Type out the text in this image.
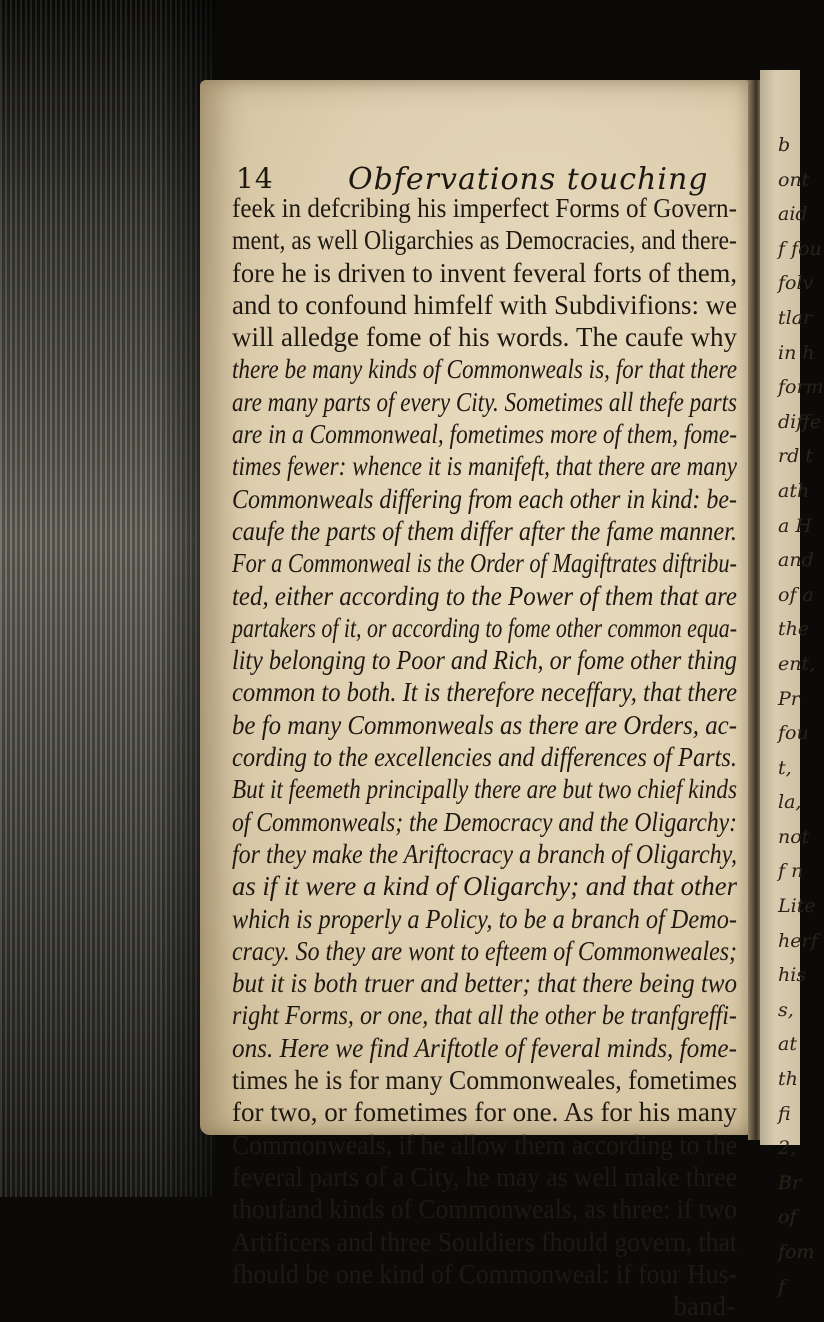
14 Obfervations touching
feek in defcribing his imperfect Forms of Govern-
ment, as well Oligarchies as Democracies, and there-
fore he is driven to invent feveral forts of them,
and to confound himfelf with Subdivifions: we
will alledge fome of his words. The caufe why
there be many kinds of Commonweals is, for that there
are many parts of every City. Sometimes all thefe parts
are in a Commonweal, fometimes more of them, fome-
times fewer: whence it is manifeft, that there are many
Commonweals differing from each other in kind: be-
caufe the parts of them differ after the fame manner.
For a Commonweal is the Order of Magiftrates diftribu-
ted, either according to the Power of them that are
partakers of it, or according to fome other common equa-
lity belonging to Poor and Rich, or fome other thing
common to both. It is therefore neceffary, that there
be fo many Commonweals as there are Orders, ac-
cording to the excellencies and differences of Parts.
But it feemeth principally there are but two chief kinds
of Commonweals; the Democracy and the Oligarchy:
for they make the Ariftocracy a branch of Oligarchy,
as if it were a kind of Oligarchy; and that other
which is properly a Policy, to be a branch of Demo-
cracy. So they are wont to efteem of Commonweales;
but it is both truer and better; that there being two
right Forms, or one, that all the other be tranfgreffi-
ons. Here we find Ariftotle of feveral minds, fome-
times he is for many Commonweales, fometimes
for two, or fometimes for one. As for his many
Commonweals, if he allow them according to the
feveral parts of a City, he may as well make three
thoufand kinds of Commonweals, as three: if two
Artificers and three Souldiers fhould govern, that
fhould be one kind of Commonweal: if four Hus-
band-
b
ont
aid
f fou
folv
tlar
in h
form
diffe
rd t
ath
a H
and
of a
the
ent,
Pr
fou
t,
la,
not
f n
Lite
herf
his
s,
at
th
fi
2,
Br
of
fom
f
